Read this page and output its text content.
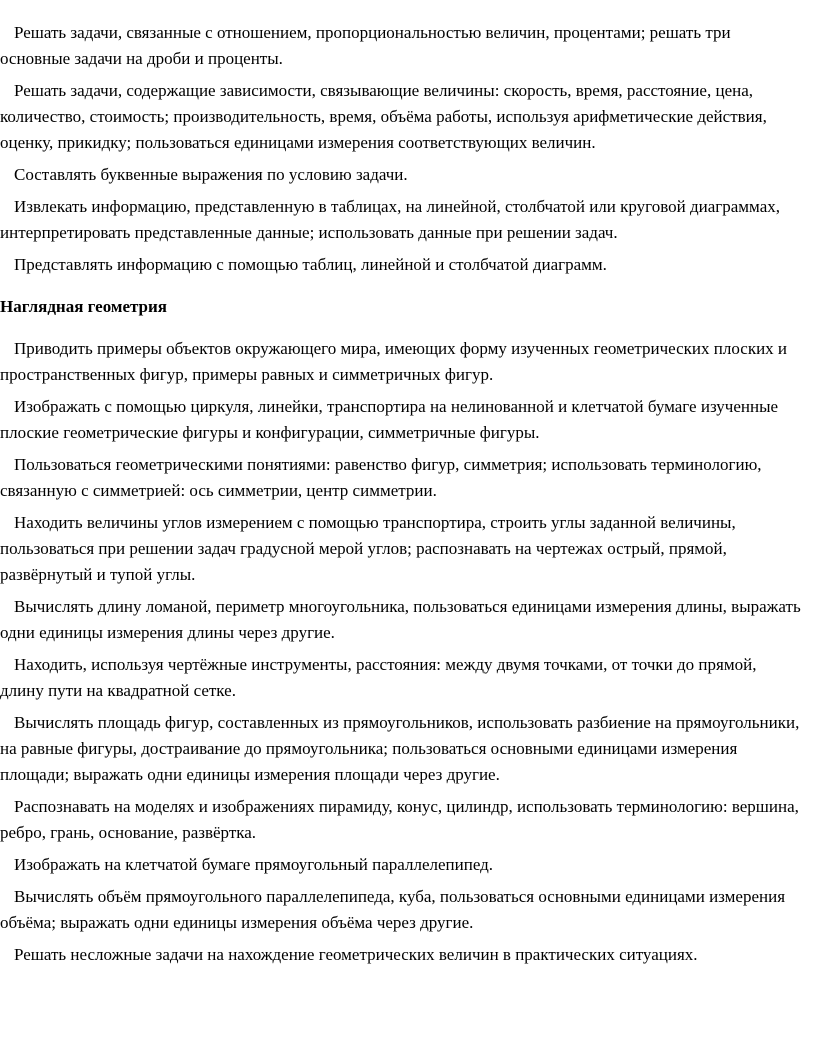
Решать задачи, связанные с отношением, пропорциональностью величин, процентами; решать три основные задачи на дроби и проценты.

Решать задачи, содержащие зависимости, связывающие величины: скорость, время, расстояние, цена, количество, стоимость; производительность, время, объёма работы, используя арифметические действия, оценку, прикидку; пользоваться единицами измерения соответствующих величин.

Составлять буквенные выражения по условию задачи.

Извлекать информацию, представленную в таблицах, на линейной, столбчатой или круговой диаграммах, интерпретировать представленные данные; использовать данные при решении задач.

Представлять информацию с помощью таблиц, линейной и столбчатой диаграмм.

Наглядная геометрия

Приводить примеры объектов окружающего мира, имеющих форму изученных геометрических плоских и пространственных фигур, примеры равных и симметричных фигур.

Изображать с помощью циркуля, линейки, транспортира на нелинованной и клетчатой бумаге изученные плоские геометрические фигуры и конфигурации, симметричные фигуры.

Пользоваться геометрическими понятиями: равенство фигур, симметрия; использовать терминологию, связанную с симметрией: ось симметрии, центр симметрии.

Находить величины углов измерением с помощью транспортира, строить углы заданной величины, пользоваться при решении задач градусной мерой углов; распознавать на чертежах острый, прямой, развёрнутый и тупой углы.

Вычислять длину ломаной, периметр многоугольника, пользоваться единицами измерения длины, выражать одни единицы измерения длины через другие.

Находить, используя чертёжные инструменты, расстояния: между двумя точками, от точки до прямой, длину пути на квадратной сетке.

Вычислять площадь фигур, составленных из прямоугольников, использовать разбиение на прямоугольники, на равные фигуры, достраивание до прямоугольника; пользоваться основными единицами измерения площади; выражать одни единицы измерения площади через другие.

Распознавать на моделях и изображениях пирамиду, конус, цилиндр, использовать терминологию: вершина, ребро, грань, основание, развёртка.

Изображать на клетчатой бумаге прямоугольный параллелепипед.

Вычислять объём прямоугольного параллелепипеда, куба, пользоваться основными единицами измерения объёма; выражать одни единицы измерения объёма через другие.

Решать несложные задачи на нахождение геометрических величин в практических ситуациях.
